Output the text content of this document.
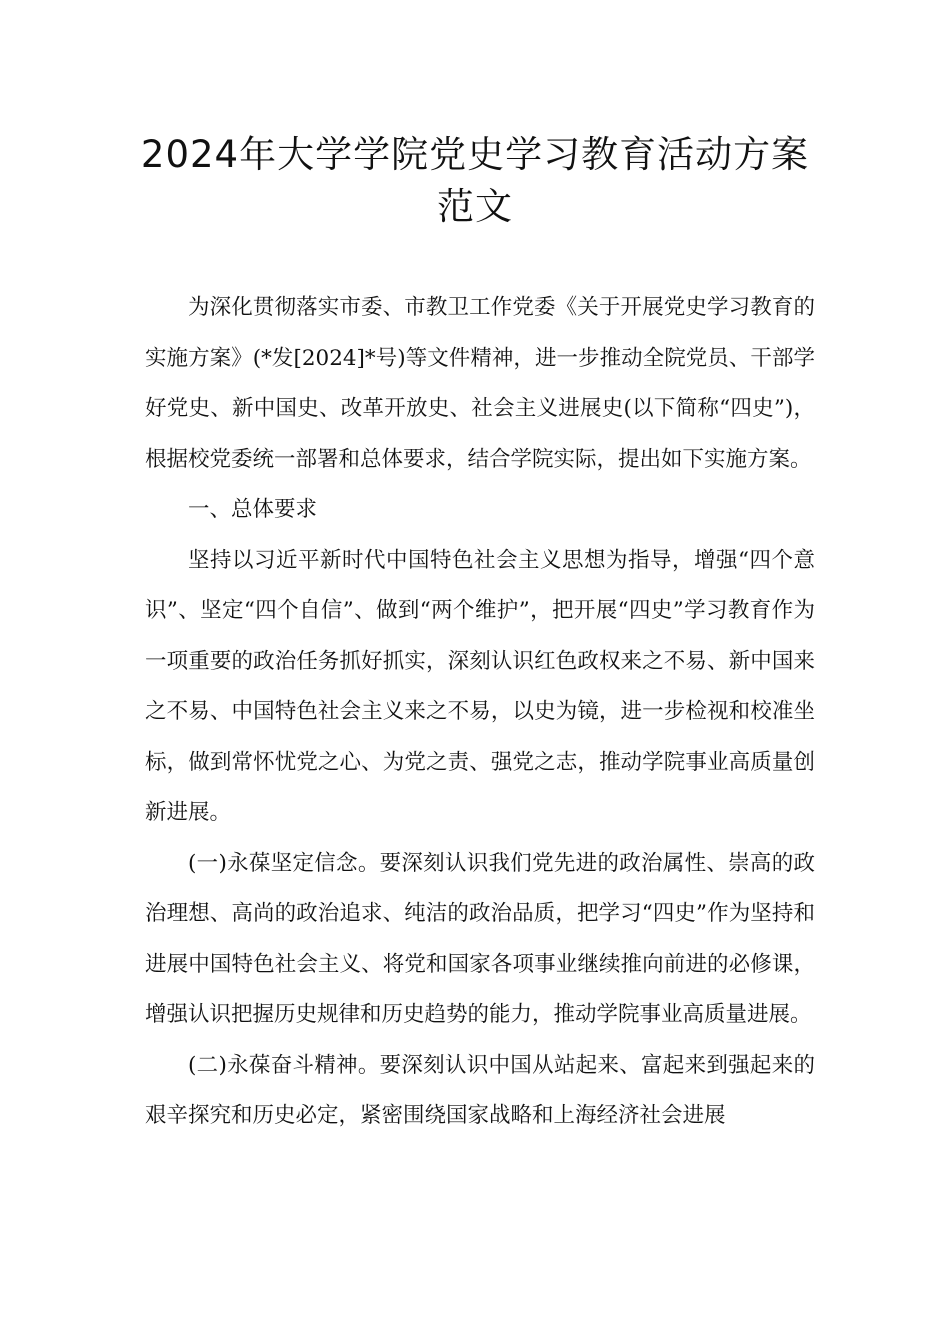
2024年大学学院党史学习教育活动方案
范文

为深化贯彻落实市委、市教卫工作党委《关于开展党史学习教育的实施方案》(*发[2024]*号)等文件精神，进一步推动全院党员、干部学好党史、新中国史、改革开放史、社会主义进展史(以下简称“四史”)，根据校党委统一部署和总体要求，结合学院实际，提出如下实施方案。

一、总体要求

坚持以习近平新时代中国特色社会主义思想为指导，增强“四个意识”、坚定“四个自信”、做到“两个维护”，把开展“四史”学习教育作为一项重要的政治任务抓好抓实，深刻认识红色政权来之不易、新中国来之不易、中国特色社会主义来之不易，以史为镜，进一步检视和校准坐标，做到常怀忧党之心、为党之责、强党之志，推动学院事业高质量创新进展。

(一)永葆坚定信念。要深刻认识我们党先进的政治属性、崇高的政治理想、高尚的政治追求、纯洁的政治品质，把学习“四史”作为坚持和进展中国特色社会主义、将党和国家各项事业继续推向前进的必修课，增强认识把握历史规律和历史趋势的能力，推动学院事业高质量进展。

(二)永葆奋斗精神。要深刻认识中国从站起来、富起来到强起来的艰辛探究和历史必定，紧密围绕国家战略和上海经济社会进展
